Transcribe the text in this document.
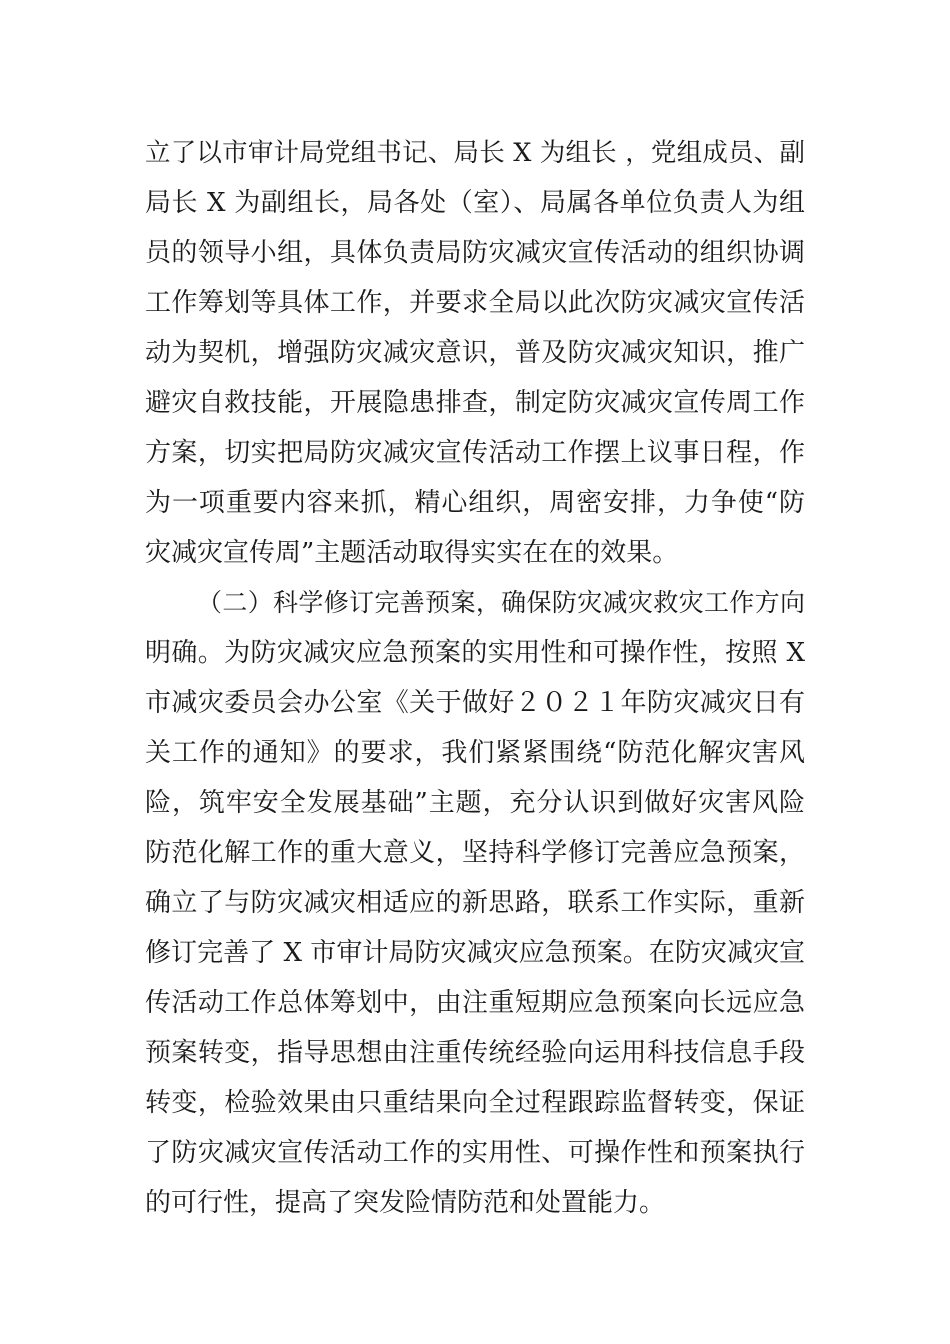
立了以市审计局党组书记、局长 X 为组长 ，党组成员、副
局长 X 为副组长，局各处（室）、局属各单位负责人为组
员的领导小组，具体负责局防灾减灾宣传活动的组织协调
工作筹划等具体工作，并要求全局以此次防灾减灾宣传活
动为契机，增强防灾减灾意识，普及防灾减灾知识，推广
避灾自救技能，开展隐患排查，制定防灾减灾宣传周工作
方案，切实把局防灾减灾宣传活动工作摆上议事日程，作
为一项重要内容来抓，精心组织，周密安排，力争使“防
灾减灾宣传周”主题活动取得实实在在的效果。
（二）科学修订完善预案，确保防灾减灾救灾工作方向
明确。为防灾减灾应急预案的实用性和可操作性，按照 X
市减灾委员会办公室《关于做好２０２１年防灾减灾日有
关工作的通知》的要求，我们紧紧围绕“防范化解灾害风
险，筑牢安全发展基础”主题，充分认识到做好灾害风险
防范化解工作的重大意义，坚持科学修订完善应急预案，
确立了与防灾减灾相适应的新思路，联系工作实际，重新
修订完善了 X 市审计局防灾减灾应急预案。在防灾减灾宣
传活动工作总体筹划中，由注重短期应急预案向长远应急
预案转变，指导思想由注重传统经验向运用科技信息手段
转变，检验效果由只重结果向全过程跟踪监督转变，保证
了防灾减灾宣传活动工作的实用性、可操作性和预案执行
的可行性，提高了突发险情防范和处置能力。
